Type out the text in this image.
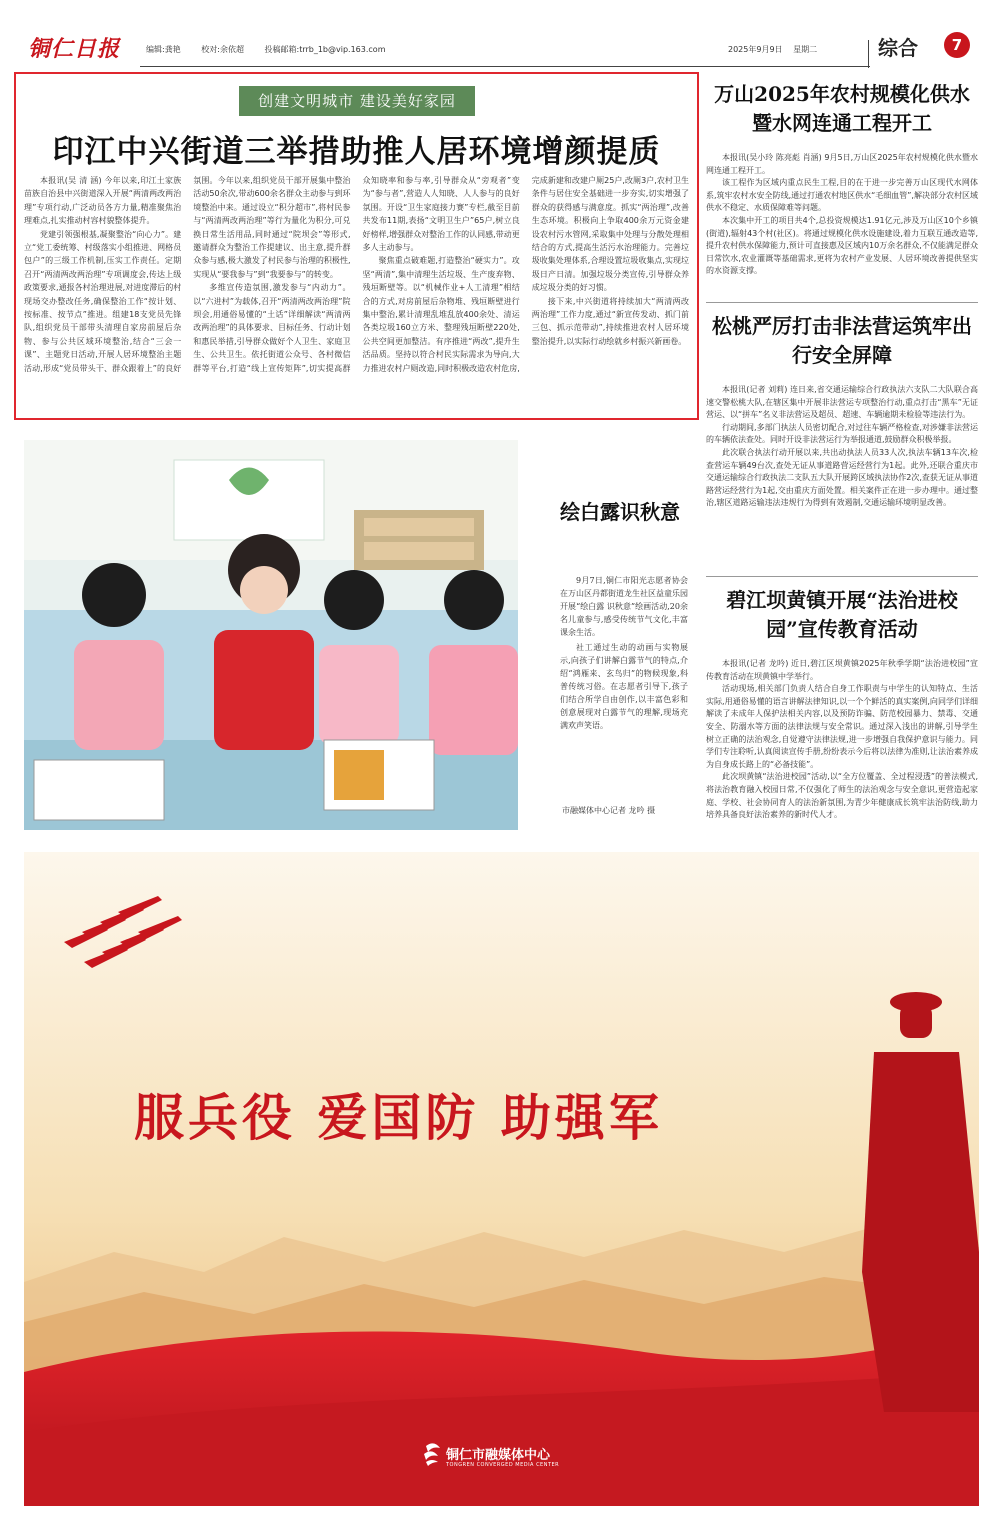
铜仁日报	编辑:龚艳	校对:余依超	投稿邮箱:trrb_1b@vip.163.com	2025年9月9日 星期二	综合	7
创建文明城市 建设美好家园
印江中兴街道三举措助推人居环境增颜提质

本报讯(吴 清 涵) 今年以来,印江土家族苗族自治县中兴街道深入开展“两清两改两治理”专项行动,广泛动员各方力量,精准聚焦治理难点,扎实推动村容村貌整体提升。

党建引领强根基,凝聚整治“向心力”。建立“党工委统筹、村级落实小组推进、网格员包户”的三级工作机制,压实工作责任。定期召开“两清两改两治理”专项调度会,传达上级政策要求,通报各村治理进展,对进度滞后的村现场交办整改任务,确保整治工作“按计划、按标准、按节点”推进。组建18支党员先锋队,组织党员干部带头清理自家房前屋后杂物、参与公共区域环境整治,结合“三会一课”、主题党日活动,开展人居环境整治主题活动,形成“党员带头干、群众跟着上”的良好氛围。今年以来,组织党员干部开展集中整治活动50余次,带动600余名群众主动参与到环境整治中来。通过设立“积分超市”,将村民参与“两清两改两治理”等行为量化为积分,可兑换日常生活用品,同时通过“院坝会”等形式,邀请群众为整治工作提建议、出主意,提升群众参与感,极大激发了村民参与治理的积极性,实现从“要我参与”到“我要参与”的转变。

多维宣传造氛围,激发参与“内动力”。以“六进村”为载体,召开“两清两改两治理”院坝会,用通俗易懂的“土话”详细解读“两清两改两治理”的具体要求、目标任务、行动计划和惠民举措,引导群众做好个人卫生、家庭卫生、公共卫生。依托街道公众号、各村微信群等平台,打造“线上宣传矩阵”,切实提高群众知晓率和参与率,引导群众从“旁观者”变为“参与者”,营造人人知晓、人人参与的良好氛围。开设“卫生家庭接力赛”专栏,截至目前共发布11期,表扬“文明卫生户”65户,树立良好榜样,增强群众对整治工作的认同感,带动更多人主动参与。

聚焦重点破难题,打造整治“硬实力”。攻坚“两清”,集中清理生活垃圾、生产废弃物、残垣断壁等。以“机械作业+人工清理”相结合的方式,对房前屋后杂物堆、残垣断壁进行集中整治,累计清理乱堆乱放400余处、清运各类垃圾160立方米、整理残垣断壁220处,公共空间更加整洁。有序推进“两改”,提升生活品质。坚持以符合村民实际需求为导向,大力推进农村户厕改造,同时积极改造农村危房,完成新建和改建户厕25户,改厕3户,农村卫生条件与居住安全基础进一步夯实,切实增强了群众的获得感与满意度。抓实“两治理”,改善生态环境。积极向上争取400余万元资金建设农村污水管网,采取集中处理与分散处理相结合的方式,提高生活污水治理能力。完善垃圾收集处理体系,合理设置垃圾收集点,实现垃圾日产日清。加强垃圾分类宣传,引导群众养成垃圾分类的好习惯。

接下来,中兴街道将持续加大“两清两改两治理”工作力度,通过“新宣传发动、抓门前三包、抓示范带动”,持续推进农村人居环境整治提升,以实际行动绘就乡村振兴新画卷。

万山2025年农村规模化供水暨水网连通工程开工

本报讯(吴小玲 陈亮彪 肖涵) 9月5日,万山区2025年农村规模化供水暨水网连通工程开工。

该工程作为区域内重点民生工程,目的在于进一步完善万山区现代水网体系,筑牢农村水安全防线,通过打通农村地区供水“毛细血管”,解决部分农村区域供水不稳定、水质保障难等问题。

本次集中开工的项目共4个,总投资规模达1.91亿元,涉及万山区10个乡镇(街道),辐射43个村(社区)。将通过规模化供水设施建设,着力互联互通改造等,提升农村供水保障能力,预计可直接惠及区域内10万余名群众,不仅能满足群众日常饮水,农业灌溉等基础需求,更将为农村产业发展、人居环境改善提供坚实的水资源支撑。

松桃严厉打击非法营运筑牢出行安全屏障

本报讯(记者 刘莉) 连日来,省交通运输综合行政执法六支队二大队联合高速交警松桃大队,在辖区集中开展非法营运专项整治行动,重点打击“黑车”无证营运、以“拼车”名义非法营运及超员、超速、车辆逾期未检验等违法行为。

行动期间,多部门执法人员密切配合,对过往车辆严格检查,对涉嫌非法营运的车辆依法查处。同时开设非法营运行为举报通道,鼓励群众积极举报。

此次联合执法行动开展以来,共出动执法人员33人次,执法车辆13车次,检查营运车辆49台次,查处无证从事道路营运经营行为1起。此外,还联合重庆市交通运输综合行政执法二支队五大队开展跨区域执法协作2次,查获无证从事道路营运经营行为1起,交由重庆方面处置。相关案件正在进一步办理中。通过整治,辖区道路运输违法违规行为得到有效遏制,交通运输环境明显改善。

碧江坝黄镇开展“法治进校园”宣传教育活动

本报讯(记者 龙吟) 近日,碧江区坝黄镇2025年秋季学期“法治进校园”宣传教育活动在坝黄镇中学举行。

活动现场,相关部门负责人结合自身工作职责与中学生的认知特点、生活实际,用通俗易懂的语言讲解法律知识,以一个个鲜活的真实案例,向同学们详细解读了未成年人保护法相关内容,以及预防诈骗、防范校园暴力、禁毒、交通安全、防溺水等方面的法律法规与安全常识。通过深入浅出的讲解,引导学生树立正确的法治观念,自觉遵守法律法规,进一步增强自我保护意识与能力。同学们专注聆听,认真阅读宣传手册,纷纷表示今后将以法律为准则,让法治素养成为自身成长路上的“必备技能”。

此次坝黄镇“法治进校园”活动,以“全方位覆盖、全过程浸透”的普法模式,将法治教育融入校园日常,不仅强化了师生的法治观念与安全意识,更营造起家庭、学校、社会协同育人的法治新氛围,为青少年健康成长筑牢法治防线,助力培养具备良好法治素养的新时代人才。

绘白露识秋意

9月7日,铜仁市阳光志愿者协会在万山区丹都街道龙生社区益童乐园开展“绘白露 识秋意”绘画活动,20余名儿童参与,感受传统节气文化,丰富课余生活。

社工通过生动的动画与实物展示,向孩子们讲解白露节气的特点,介绍“鸿雁来、玄鸟归”的物候现象,科普传统习俗。在志愿者引导下,孩子们结合所学自由创作,以丰富色彩和创意展现对白露节气的理解,现场充满欢声笑语。

市融媒体中心记者 龙吟 摄
服兵役 爱国防 助强军
铜仁市融媒体中心
TONGREN CONVERGED MEDIA CENTER
